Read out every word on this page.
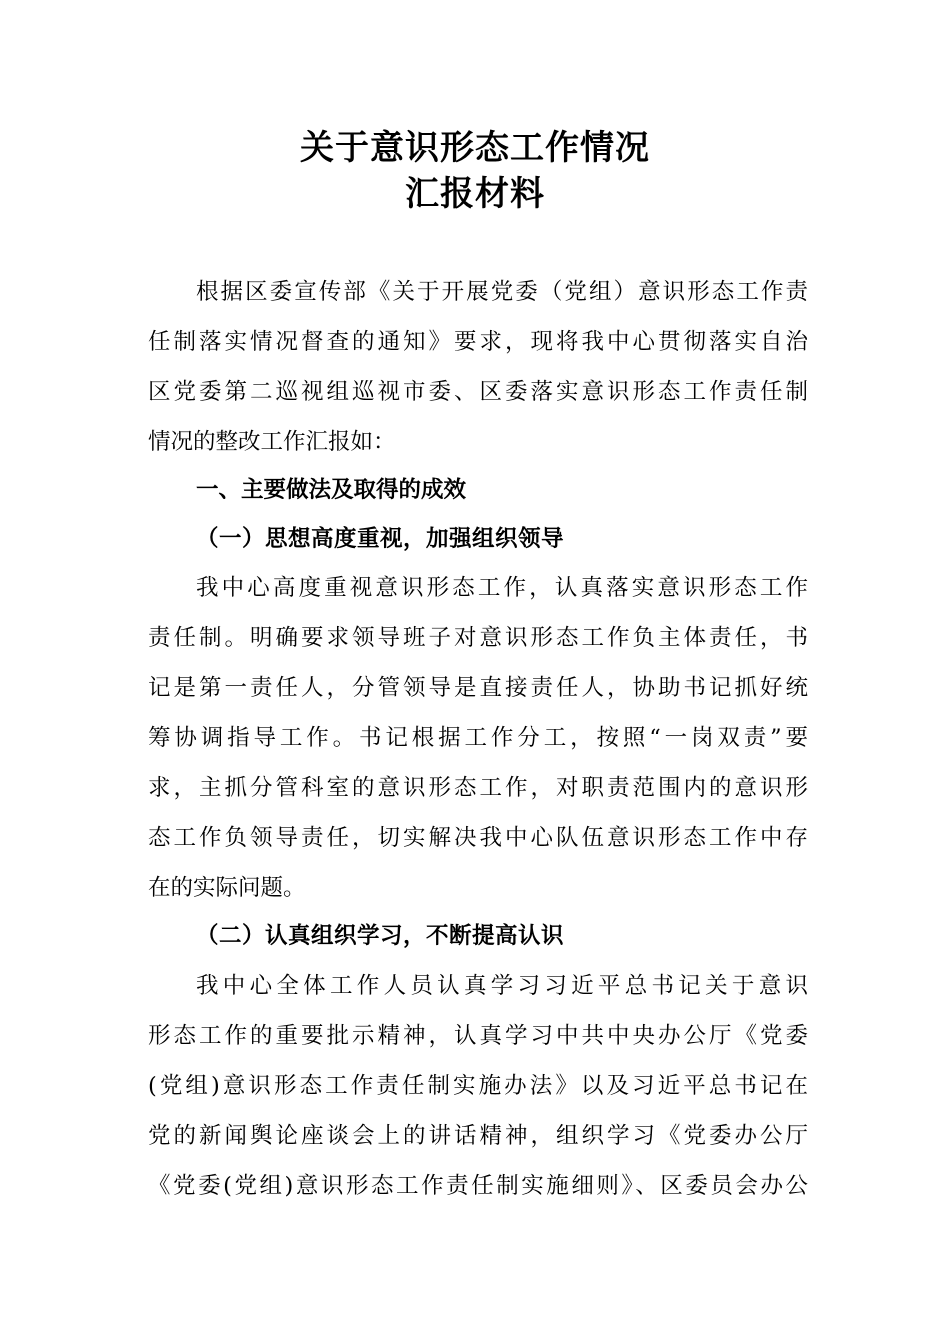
关于意识形态工作情况
汇报材料

根据区委宣传部《关于开展党委（党组）意识形态工作责

任制落实情况督查的通知》要求，现将我中心贯彻落实自治

区党委第二巡视组巡视市委、区委落实意识形态工作责任制

情况的整改工作汇报如：

一、主要做法及取得的成效
（一）思想高度重视，加强组织领导

我中心高度重视意识形态工作，认真落实意识形态工作

责任制。明确要求领导班子对意识形态工作负主体责任，书

记是第一责任人，分管领导是直接责任人，协助书记抓好统

筹协调指导工作。书记根据工作分工，按照“一岗双责”要

求，主抓分管科室的意识形态工作，对职责范围内的意识形

态工作负领导责任，切实解决我中心队伍意识形态工作中存

在的实际问题。

（二）认真组织学习，不断提高认识

我中心全体工作人员认真学习习近平总书记关于意识

形态工作的重要批示精神，认真学习中共中央办公厅《党委

(党组)意识形态工作责任制实施办法》以及习近平总书记在

党的新闻舆论座谈会上的讲话精神，组织学习《党委办公厅

《党委(党组)意识形态工作责任制实施细则》、区委员会办公
